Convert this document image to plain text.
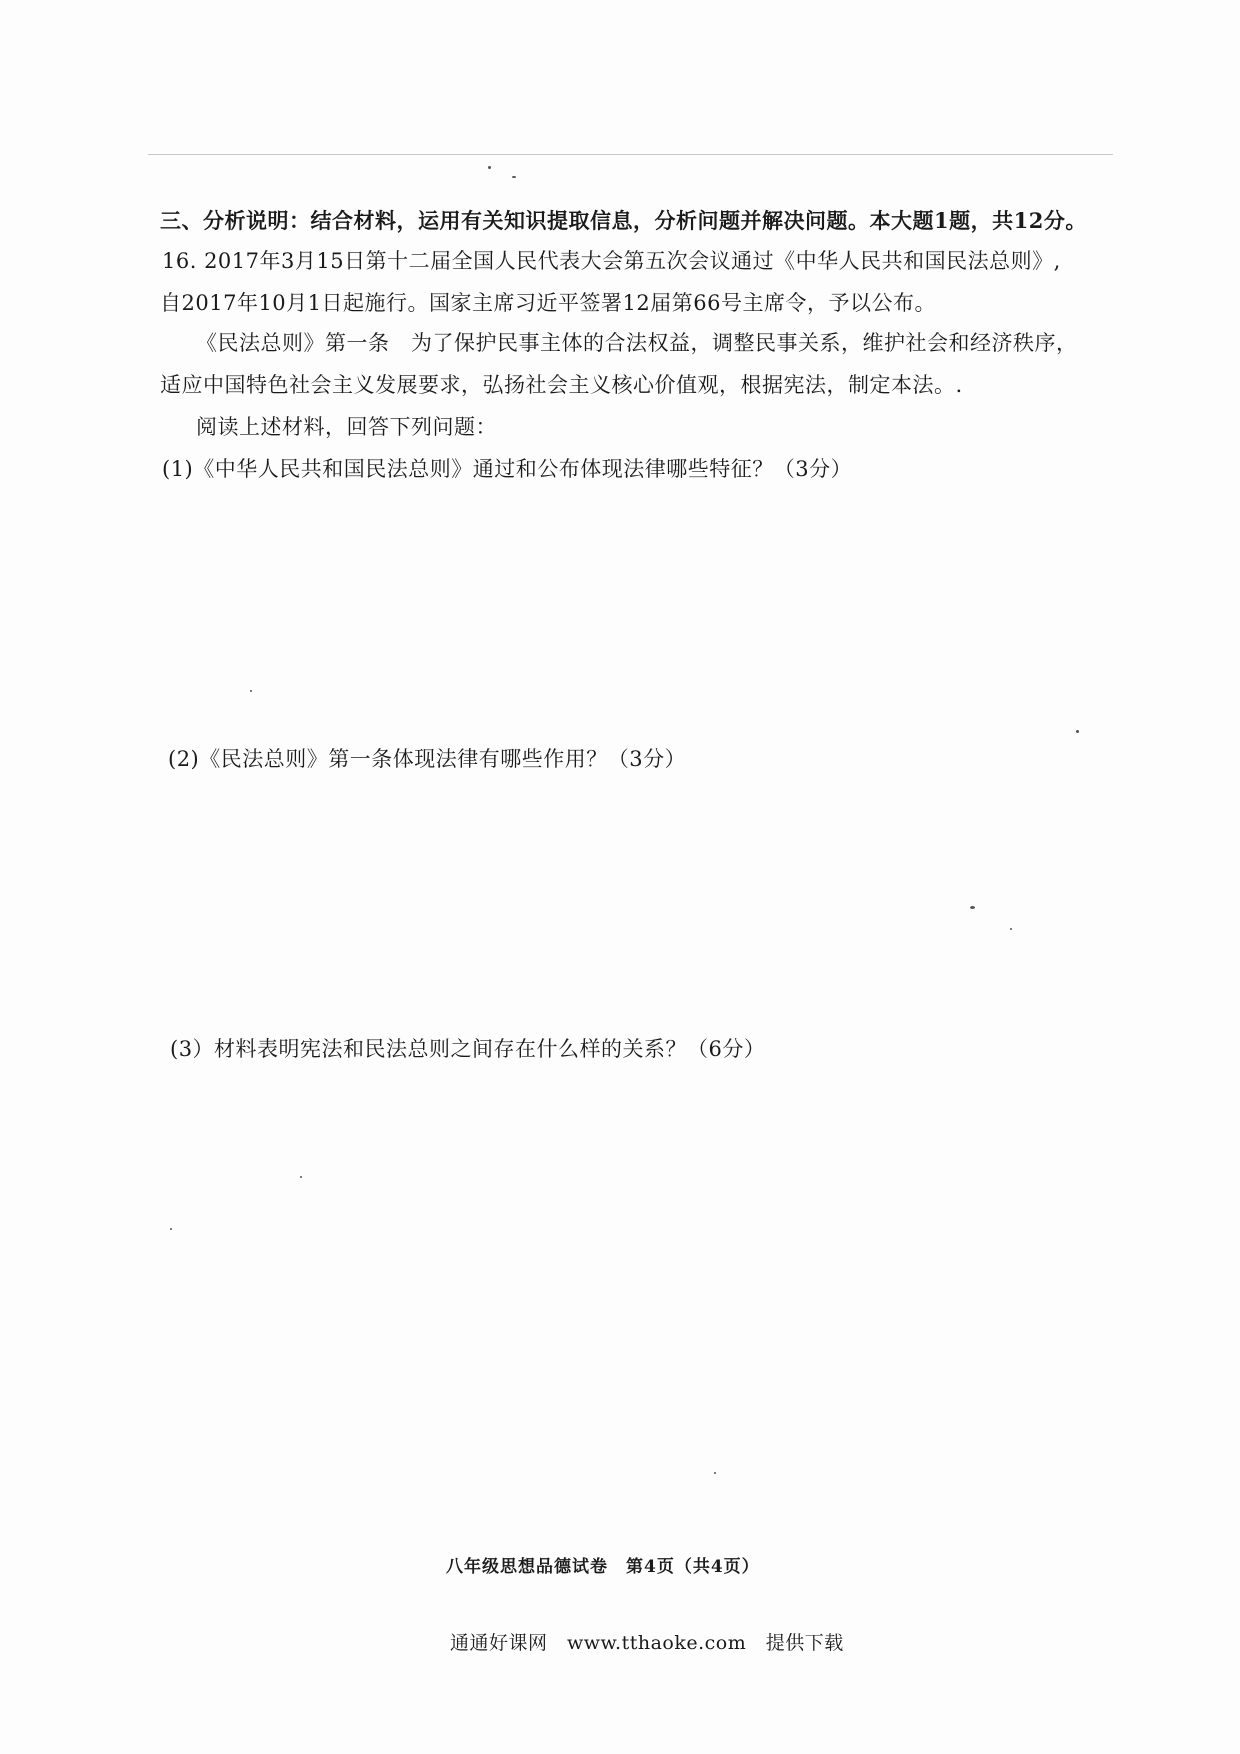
三、分析说明：结合材料，运用有关知识提取信息，分析问题并解决问题。本大题1题，共12分。
16. 2017年3月15日第十二届全国人民代表大会第五次会议通过《中华人民共和国民法总则》,
自2017年10月1日起施行。国家主席习近平签署12届第66号主席令，予以公布。
《民法总则》第一条　为了保护民事主体的合法权益，调整民事关系，维护社会和经济秩序，
适应中国特色社会主义发展要求，弘扬社会主义核心价值观，根据宪法，制定本法。.
阅读上述材料，回答下列问题：
(1)《中华人民共和国民法总则》通过和公布体现法律哪些特征？（3分）
(2)《民法总则》第一条体现法律有哪些作用？（3分）
(3）材料表明宪法和民法总则之间存在什么样的关系？（6分）
八年级思想品德试卷　第4页（共4页）
通通好课网　www.tthaoke.com　提供下载
